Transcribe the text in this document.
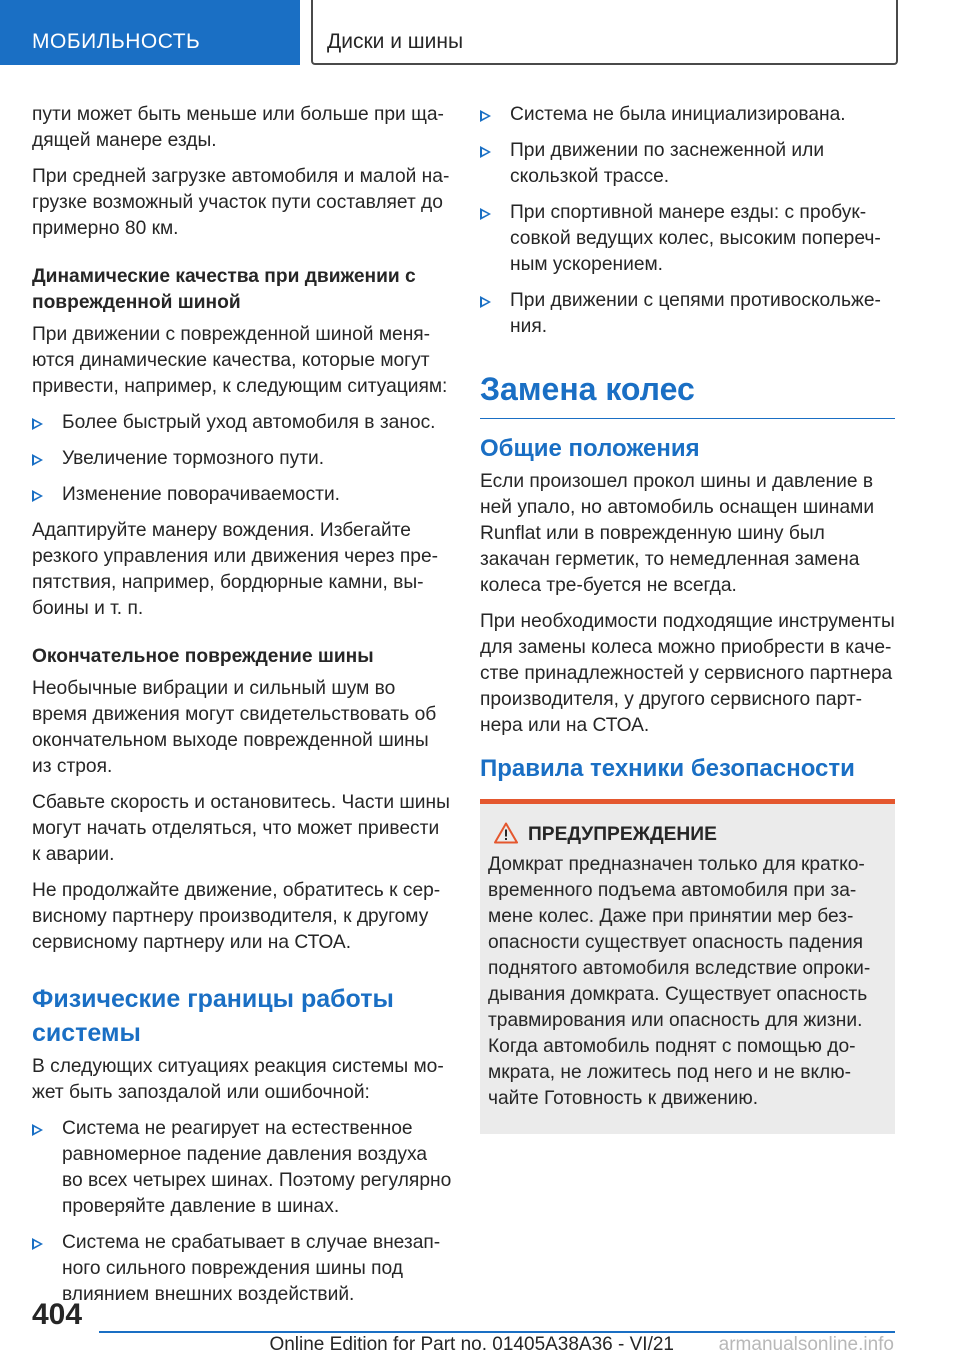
МОБИЛЬНОСТЬ	Диски и шины

пути может быть меньше или больше при ща-дящей манере езды.

При средней загрузке автомобиля и малой на-грузке возможный участок пути составляет до примерно 80 км.

Динамические качества при движении с поврежденной шиной

При движении с поврежденной шиной меня-ются динамические качества, которые могут привести, например, к следующим ситуациям:

Более быстрый уход автомобиля в занос.
Увеличение тормозного пути.
Изменение поворачиваемости.

Адаптируйте манеру вождения. Избегайте резкого управления или движения через пре-пятствия, например, бордюрные камни, вы-боины и т. п.

Окончательное повреждение шины

Необычные вибрации и сильный шум во время движения могут свидетельствовать об окончательном выходе поврежденной шины из строя.

Сбавьте скорость и остановитесь. Части шины могут начать отделяться, что может привести к аварии.

Не продолжайте движение, обратитесь к сер-висному партнеру производителя, к другому сервисному партнеру или на СТОА.

Физические границы работы системы

В следующих ситуациях реакция системы мо-жет быть запоздалой или ошибочной:

Система не реагирует на естественное равномерное падение давления воздуха во всех четырех шинах. Поэтому регулярно проверяйте давление в шинах.
Система не срабатывает в случае внезап-ного сильного повреждения шины под влиянием внешних воздействий.
Система не была инициализирована.
При движении по заснеженной или скользкой трассе.
При спортивной манере езды: с пробук-совкой ведущих колес, высоким попереч-ным ускорением.
При движении с цепями противоскольже-ния.
Замена колес
Общие положения

Если произошел прокол шины и давление в ней упало, но автомобиль оснащен шинами Runflat или в поврежденную шину был закачан герметик, то немедленная замена колеса тре-буется не всегда.

При необходимости подходящие инструменты для замены колеса можно приобрести в каче-стве принадлежностей у сервисного партнера производителя, у другого сервисного парт-нера или на СТОА.

Правила техники безопасности
ПРЕДУПРЕЖДЕНИЕ

Домкрат предназначен только для кратко-временного подъема автомобиля при за-мене колес. Даже при принятии мер без-опасности существует опасность падения поднятого автомобиля вследствие опроки-дывания домкрата. Существует опасность травмирования или опасность для жизни. Когда автомобиль поднят с помощью до-мкрата, не ложитесь под него и не вклю-чайте Готовность к движению.

404
Online Edition for Part no. 01405A38A36 - VI/21 armanualsonline.info
